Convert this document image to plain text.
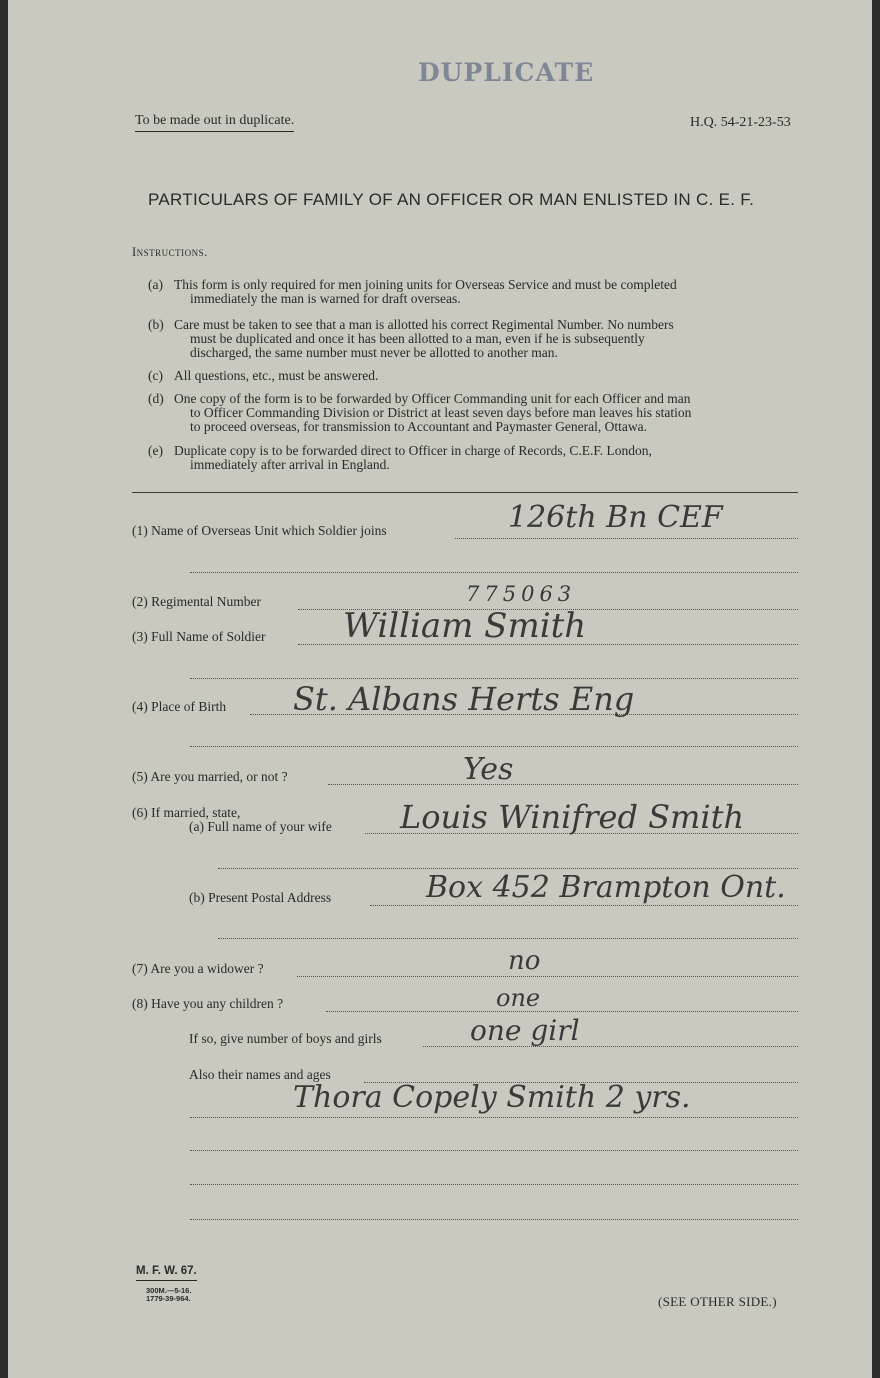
DUPLICATE
To be made out in duplicate.	H.Q. 54-21-23-53
PARTICULARS OF FAMILY OF AN OFFICER OR MAN ENLISTED IN C. E. F.
Instructions.
(a) This form is only required for men joining units for Overseas Service and must be completed
immediately the man is warned for draft overseas.
(b) Care must be taken to see that a man is allotted his correct Regimental Number. No numbers
must be duplicated and once it has been allotted to a man, even if he is subsequently
discharged, the same number must never be allotted to another man.
(c) All questions, etc., must be answered.
(d) One copy of the form is to be forwarded by Officer Commanding unit for each Officer and man
to Officer Commanding Division or District at least seven days before man leaves his station
to proceed overseas, for transmission to Accountant and Paymaster General, Ottawa.
(e) Duplicate copy is to be forwarded direct to Officer in charge of Records, C.E.F. London,
immediately after arrival in England.
(1) Name of Overseas Unit which Soldier joins	126th Bn CEF
(2) Regimental Number	775063
(3) Full Name of Soldier William Smith
(4) Place of Birth St. Albans Herts Eng
(5) Are you married, or not ?	Yes
(6) If married, state,
(a) Full name of your wife Louis Winifred Smith
(b) Present Postal Address	Box 452 Brampton Ont.
(7) Are you a widower ?	no
(8) Have you any children ?	one
If so, give number of boys and girls	one girl
Also their names and ages
Thora Copely Smith 2 yrs.
M. F. W. 67.
300M.—5-16.
1779-39-964.	(SEE OTHER SIDE.)
